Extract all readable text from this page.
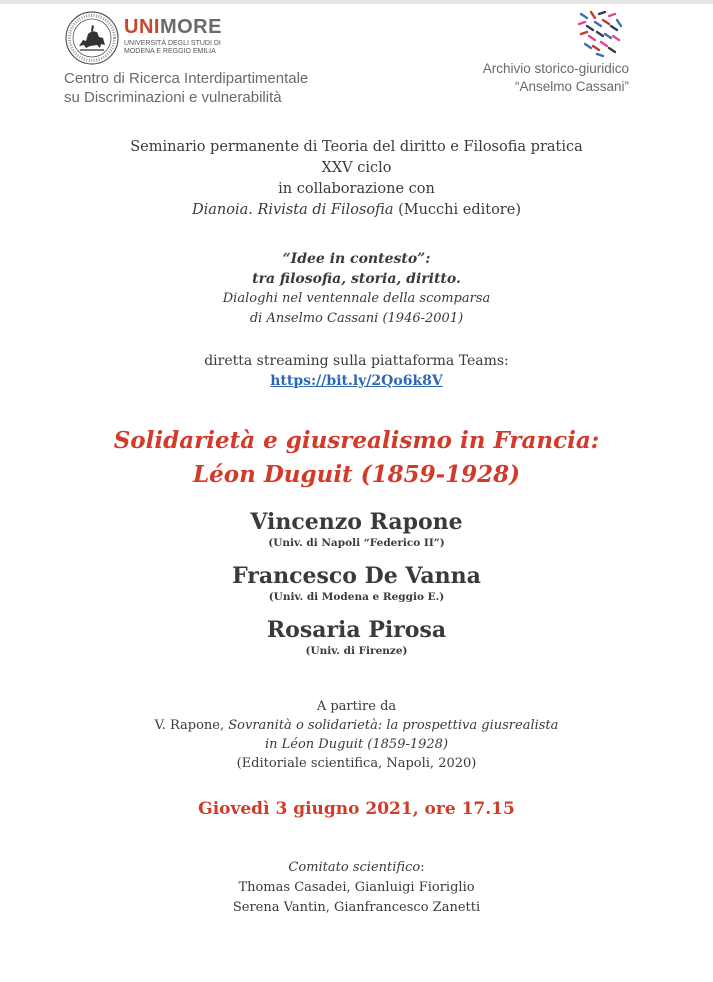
UNIMORE
UNIVERSITÀ DEGLI STUDI DI
MODENA E REGGIO EMILIA
Centro di Ricerca Interdipartimentale
su Discriminazioni e vulnerabilità
Archivio storico-giuridico
“Anselmo Cassani”
Seminario permanente di Teoria del diritto e Filosofia pratica
XXV ciclo
in collaborazione con
Dianoia. Rivista di Filosofia (Mucchi editore)
“Idee in contesto”:
tra filosofia, storia, diritto.
Dialoghi nel ventennale della scomparsa
di Anselmo Cassani (1946-2001)
diretta streaming sulla piattaforma Teams:
https://bit.ly/2Qo6k8V
Solidarietà e giusrealismo in Francia:
Léon Duguit (1859-1928)
Vincenzo Rapone
(Univ. di Napoli “Federico II”)
Francesco De Vanna
(Univ. di Modena e Reggio E.)
Rosaria Pirosa
(Univ. di Firenze)
A partire da
V. Rapone, Sovranità o solidarietà: la prospettiva giusrealista
in Léon Duguit (1859-1928)
(Editoriale scientifica, Napoli, 2020)
Giovedì 3 giugno 2021, ore 17.15
Comitato scientifico:
Thomas Casadei, Gianluigi Fioriglio
Serena Vantin, Gianfrancesco Zanetti
